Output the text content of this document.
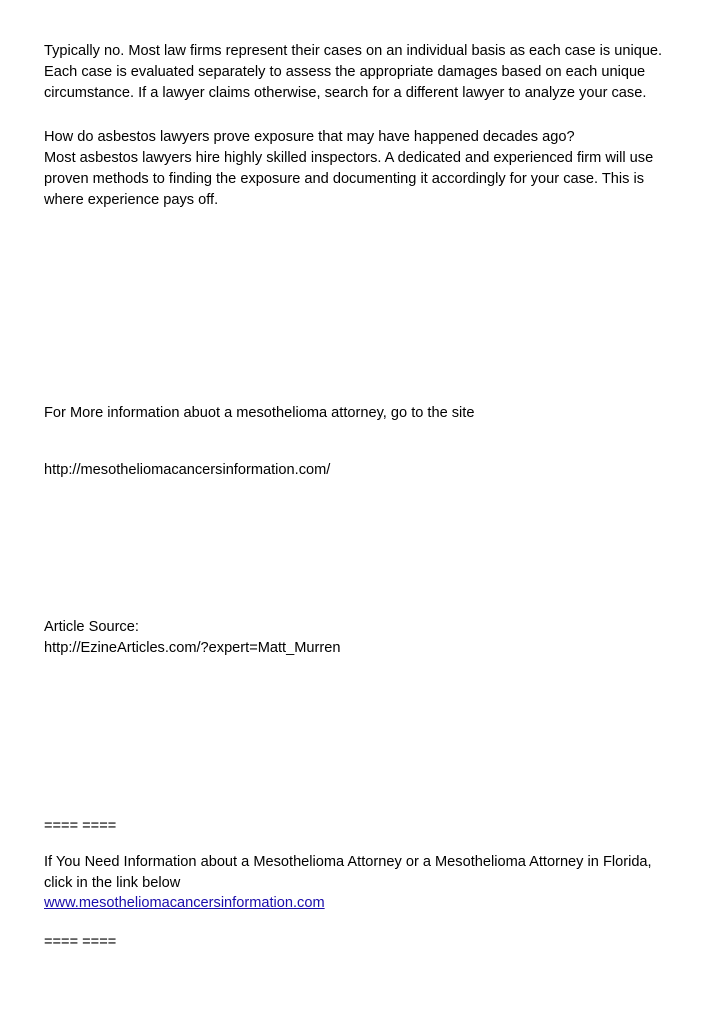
Typically no. Most law firms represent their cases on an individual basis as each case is unique.

Each case is evaluated separately to assess the appropriate damages based on each unique

circumstance. If a lawyer claims otherwise, search for a different lawyer to analyze your case.

How do asbestos lawyers prove exposure that may have happened decades ago?

Most asbestos lawyers hire highly skilled inspectors. A dedicated and experienced firm will use

proven methods to finding the exposure and documenting it accordingly for your case. This is

where experience pays off.

For More information abuot a mesothelioma attorney, go to the site

http://mesotheliomacancersinformation.com/

Article Source:

http://EzineArticles.com/?expert=Matt_Murren

==== ====

If You Need Information about a Mesothelioma Attorney or a Mesothelioma Attorney in Florida,

click in the link below

www.mesotheliomacancersinformation.com

==== ====
